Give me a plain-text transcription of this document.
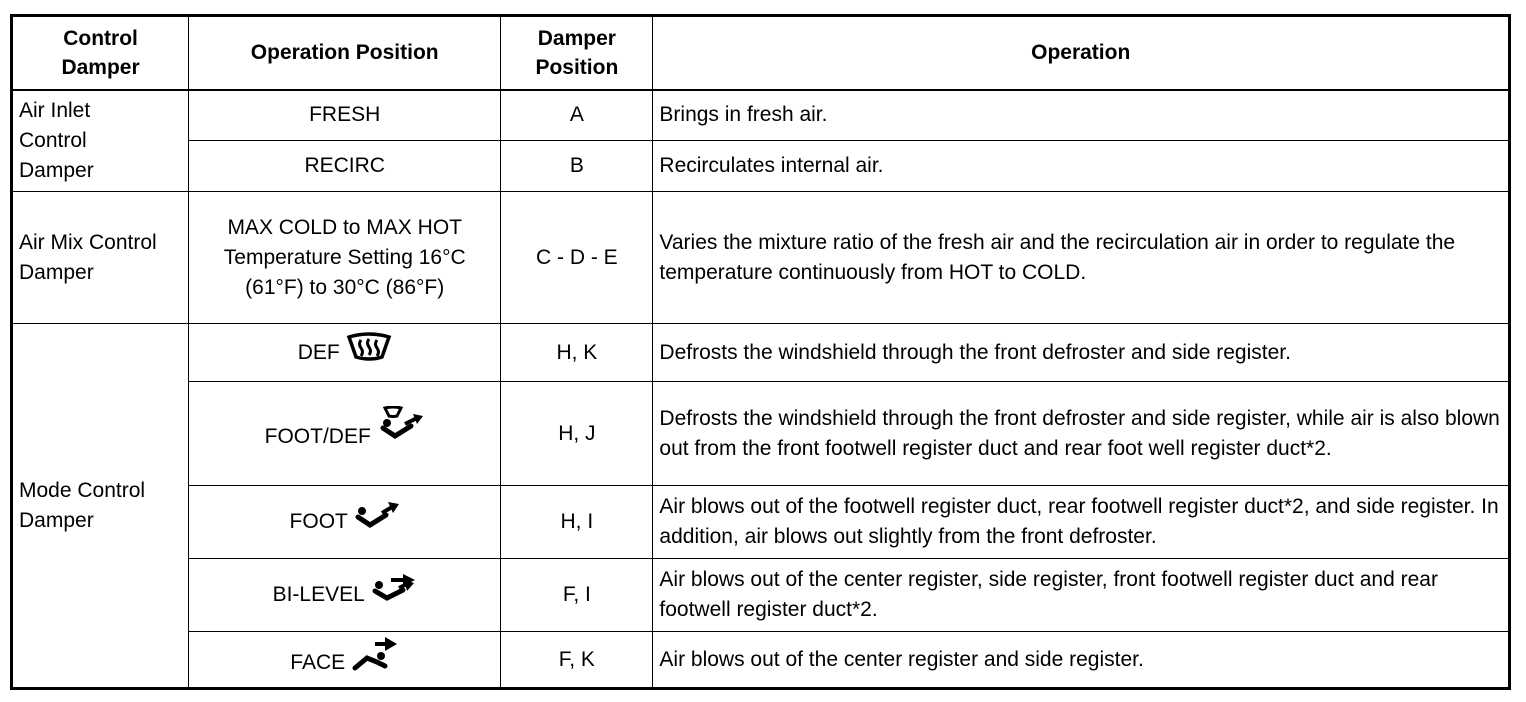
Control Damper	Operation Position	Damper Position	Operation
Air Inlet Control Damper	FRESH	A	Brings in fresh air.
	RECIRC	B	Recirculates internal air.
Air Mix Control Damper	MAX COLD to MAX HOT Temperature Setting 16°C (61°F) to 30°C (86°F)	C - D - E	Varies the mixture ratio of the fresh air and the recirculation air in order to regulate the temperature continuously from HOT to COLD.
Mode Control Damper	DEF	H, K	Defrosts the windshield through the front defroster and side register.

	FOOT/DEF	H, J	Defrosts the windshield through the front defroster and side register, while air is also blown out from the front footwell register duct and rear foot well register duct*2.

	FOOT	H, I	Air blows out of the footwell register duct, rear footwell register duct*2, and side register. In addition, air blows out slightly from the front defroster.

	BI-LEVEL	F, I	Air blows out of the center register, side register, front footwell register duct and rear footwell register duct*2.

	FACE	F, K	Air blows out of the center register and side register.
